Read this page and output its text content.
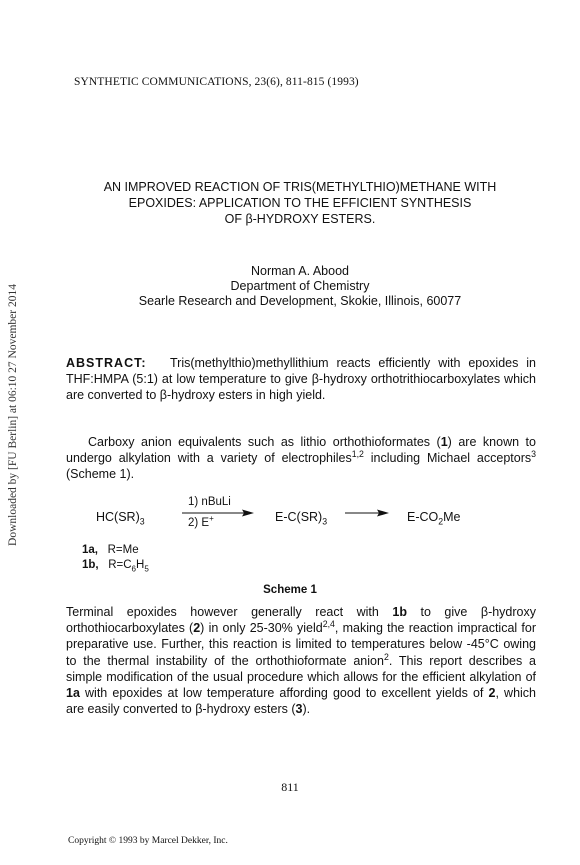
Downloaded by [FU Berlin] at 06:10 27 November 2014
SYNTHETIC COMMUNICATIONS, 23(6), 811-815 (1993)
AN IMPROVED REACTION OF TRIS(METHYLTHIO)METHANE WITH
EPOXIDES: APPLICATION TO THE EFFICIENT SYNTHESIS
OF β-HYDROXY ESTERS.
Norman A. Abood
Department of Chemistry
Searle Research and Development, Skokie, Illinois, 60077
ABSTRACT: Tris(methylthio)methyllithium reacts efficiently with epoxides in THF:HMPA (5:1) at low temperature to give β-hydroxy orthotrithiocarboxylates which are converted to β-hydroxy esters in high yield.
Carboxy anion equivalents such as lithio orthothioformates (1) are known to undergo alkylation with a variety of electrophiles$^{1,2}$ including Michael acceptors$^3$ (Scheme 1).
$HC(SR)_3$
1) nBuLi
2) E+	$E-C(SR)_3 \to E-CO_2Me$
1a, R=Me
1b, $R=C_6H_5$
Scheme 1
Terminal epoxides however generally react with 1b to give β-hydroxy orthothiocarboxylates (2) in only 25-30% yield$^{2,4}$, making the reaction impractical for preparative use. Further, this reaction is limited to temperatures below -45°C owing to the thermal instability of the orthothioformate anion$^2$. This report describes a simple modification of the usual procedure which allows for the efficient alkylation of 1a with epoxides at low temperature affording good to excellent yields of 2, which are easily converted to β-hydroxy esters (3).
811
Copyright © 1993 by Marcel Dekker, Inc.
